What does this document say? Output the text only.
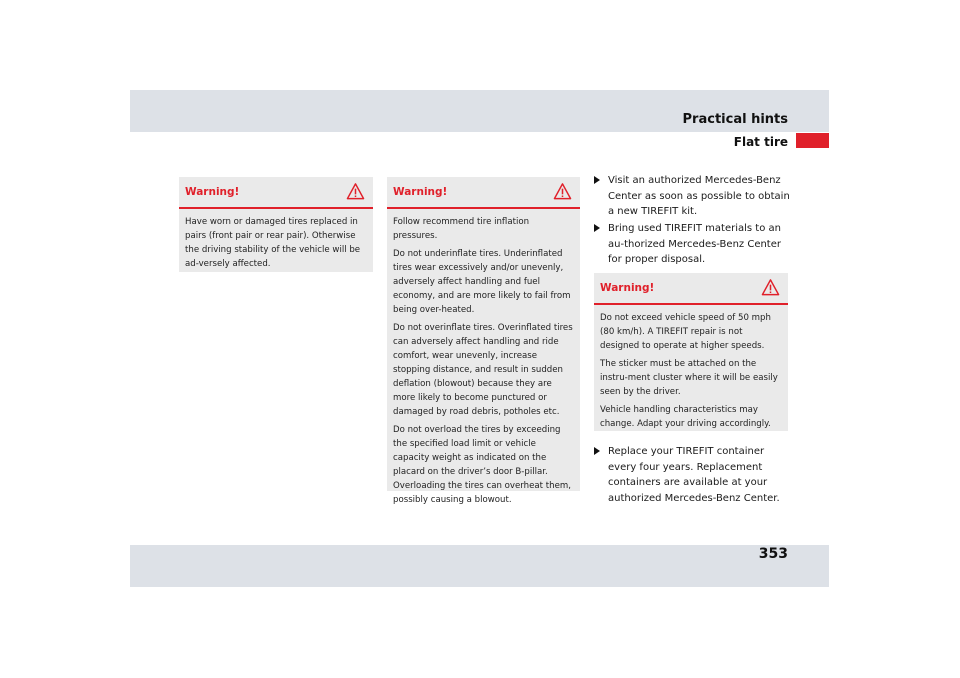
Practical hints
Flat tire
Warning!

Have worn or damaged tires replaced in pairs (front pair or rear pair). Otherwise the driving stability of the vehicle will be ad-versely affected.

Warning!

Follow recommend tire inflation pressures.

Do not underinflate tires. Underinflated tires wear excessively and/or unevenly, adversely affect handling and fuel economy, and are more likely to fail from being over-heated.

Do not overinflate tires. Overinflated tires can adversely affect handling and ride comfort, wear unevenly, increase stopping distance, and result in sudden deflation (blowout) because they are more likely to become punctured or damaged by road debris, potholes etc.

Do not overload the tires by exceeding the specified load limit or vehicle capacity weight as indicated on the placard on the driver’s door B-pillar. Overloading the tires can overheat them, possibly causing a blowout.

Visit an authorized Mercedes-Benz Center as soon as possible to obtain a new TIREFIT kit.

Bring used TIREFIT materials to an au-thorized Mercedes-Benz Center for proper disposal.

Warning!

Do not exceed vehicle speed of 50 mph (80 km/h). A TIREFIT repair is not designed to operate at higher speeds.

The sticker must be attached on the instru-ment cluster where it will be easily seen by the driver.

Vehicle handling characteristics may change. Adapt your driving accordingly.

Replace your TIREFIT container every four years. Replacement containers are available at your authorized Mercedes-Benz Center.

353
